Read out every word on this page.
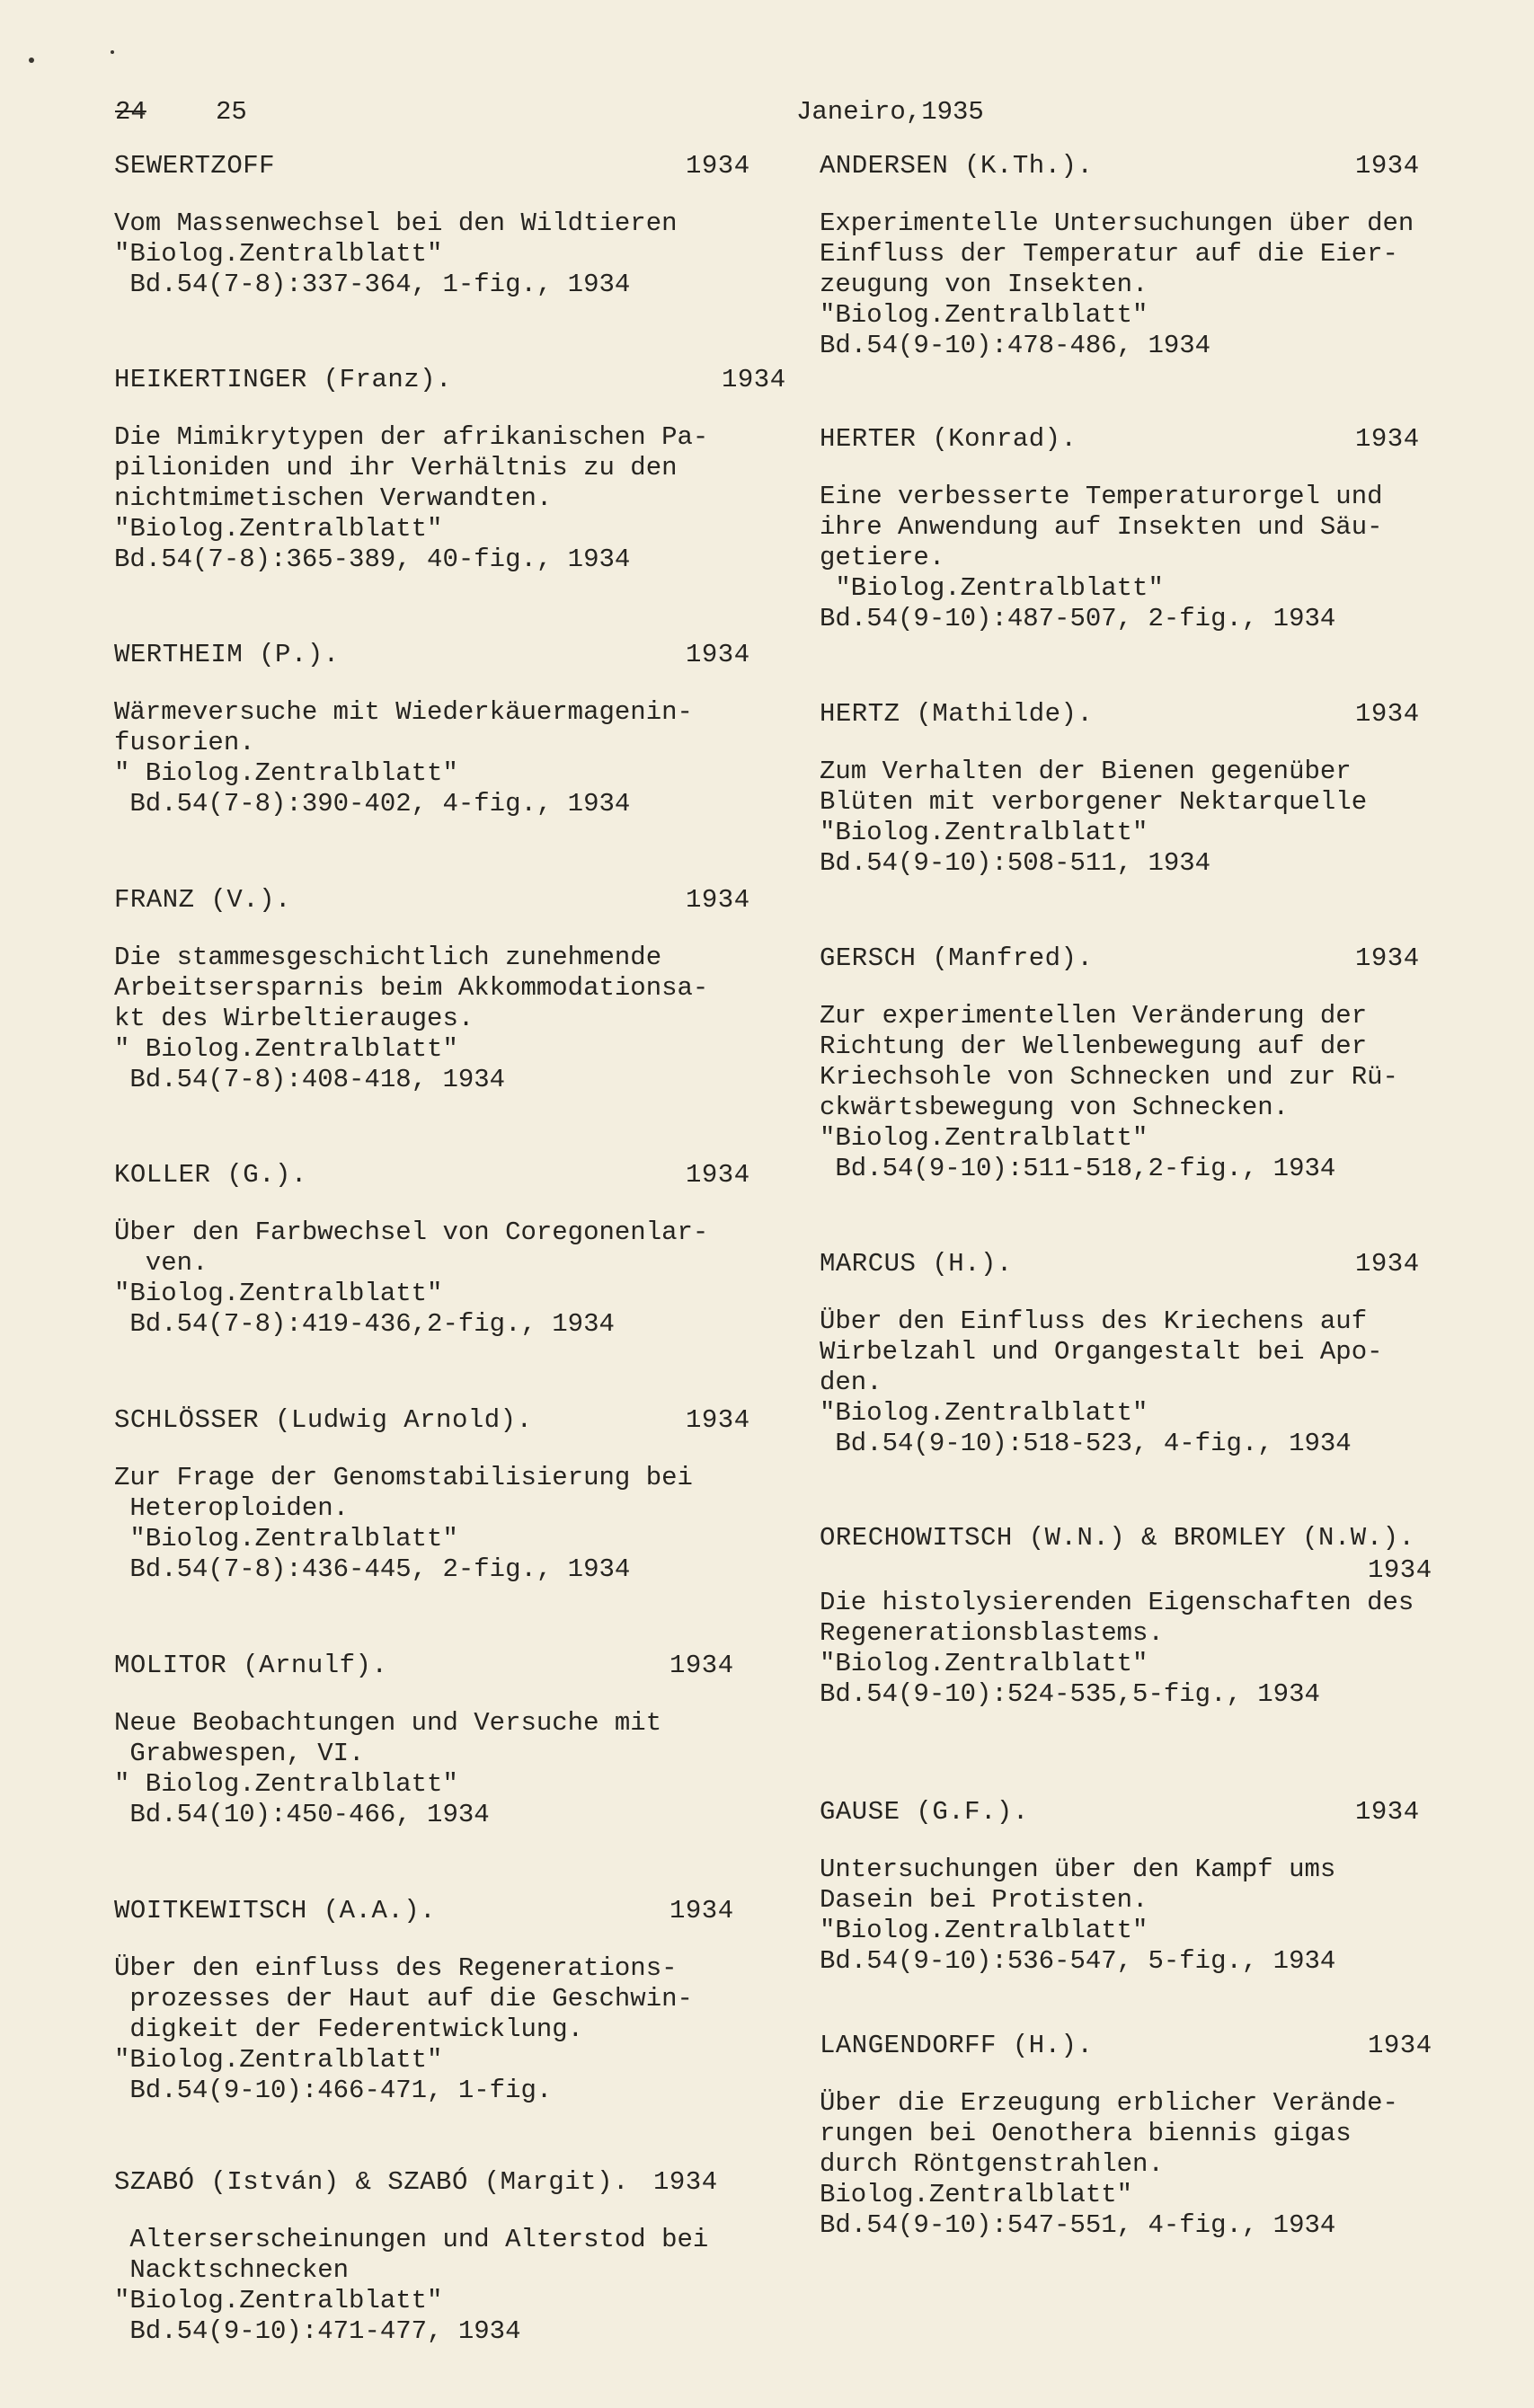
24	25	Janeiro,1935
SEWERTZOFF	1934
Vom Massenwechsel bei den Wildtieren
"Biolog.Zentralblatt"
Bd.54(7-8):337-364, 1-fig., 1934
HEIKERTINGER (Franz).	1934
Die Mimikrytypen der afrikanischen Pa-
pilioniden und ihr Verhältnis zu den
nichtmimetischen Verwandten.
"Biolog.Zentralblatt"
Bd.54(7-8):365-389, 40-fig., 1934
WERTHEIM (P.).	1934
Wärmeversuche mit Wiederkäuermagenin-
fusorien.
" Biolog.Zentralblatt"
Bd.54(7-8):390-402, 4-fig., 1934
FRANZ (V.).	1934
Die stammesgeschichtlich zunehmende
Arbeitsersparnis beim Akkommodationsa-
kt des Wirbeltierauges.
" Biolog.Zentralblatt"
Bd.54(7-8):408-418, 1934
KOLLER (G.).	1934
Über den Farbwechsel von Coregonenlar-
ven.
"Biolog.Zentralblatt"
Bd.54(7-8):419-436,2-fig., 1934
SCHLÖSSER (Ludwig Arnold).	1934
Zur Frage der Genomstabilisierung bei
Heteroploiden.
"Biolog.Zentralblatt"
Bd.54(7-8):436-445, 2-fig., 1934
MOLITOR (Arnulf).	1934
Neue Beobachtungen und Versuche mit
Grabwespen, VI.
" Biolog.Zentralblatt"
Bd.54(10):450-466, 1934
WOITKEWITSCH (A.A.).	1934
Über den einfluss des Regenerations-
prozesses der Haut auf die Geschwin-
digkeit der Federentwicklung.
"Biolog.Zentralblatt"
Bd.54(9-10):466-471, 1-fig.
SZABÓ (István) & SZABÓ (Margit). 1934
Alterserscheinungen und Alterstod bei
Nacktschnecken
"Biolog.Zentralblatt"
Bd.54(9-10):471-477, 1934
ANDERSEN (K.Th.).	1934
Experimentelle Untersuchungen über den
Einfluss der Temperatur auf die Eier-
zeugung von Insekten.
"Biolog.Zentralblatt"
Bd.54(9-10):478-486, 1934
HERTER (Konrad).	1934
Eine verbesserte Temperaturorgel und
ihre Anwendung auf Insekten und Säu-
getiere.
"Biolog.Zentralblatt"
Bd.54(9-10):487-507, 2-fig., 1934
HERTZ (Mathilde).	1934
Zum Verhalten der Bienen gegenüber
Blüten mit verborgener Nektarquelle
"Biolog.Zentralblatt"
Bd.54(9-10):508-511, 1934
GERSCH (Manfred).	1934
Zur experimentellen Veränderung der
Richtung der Wellenbewegung auf der
Kriechsohle von Schnecken und zur Rü-
ckwärtsbewegung von Schnecken.
"Biolog.Zentralblatt"
Bd.54(9-10):511-518,2-fig., 1934
MARCUS (H.).	1934
Über den Einfluss des Kriechens auf
Wirbelzahl und Organgestalt bei Apo-
den.
"Biolog.Zentralblatt"
Bd.54(9-10):518-523, 4-fig., 1934
ORECHOWITSCH (W.N.) & BROMLEY (N.W.).
1934
Die histolysierenden Eigenschaften des
Regenerationsblastems.
"Biolog.Zentralblatt"
Bd.54(9-10):524-535,5-fig., 1934
GAUSE (G.F.).	1934
Untersuchungen über den Kampf ums
Dasein bei Protisten.
"Biolog.Zentralblatt"
Bd.54(9-10):536-547, 5-fig., 1934
LANGENDORFF (H.).	1934
Über die Erzeugung erblicher Verände-
rungen bei Oenothera biennis gigas
durch Röntgenstrahlen.
Biolog.Zentralblatt"
Bd.54(9-10):547-551, 4-fig., 1934
